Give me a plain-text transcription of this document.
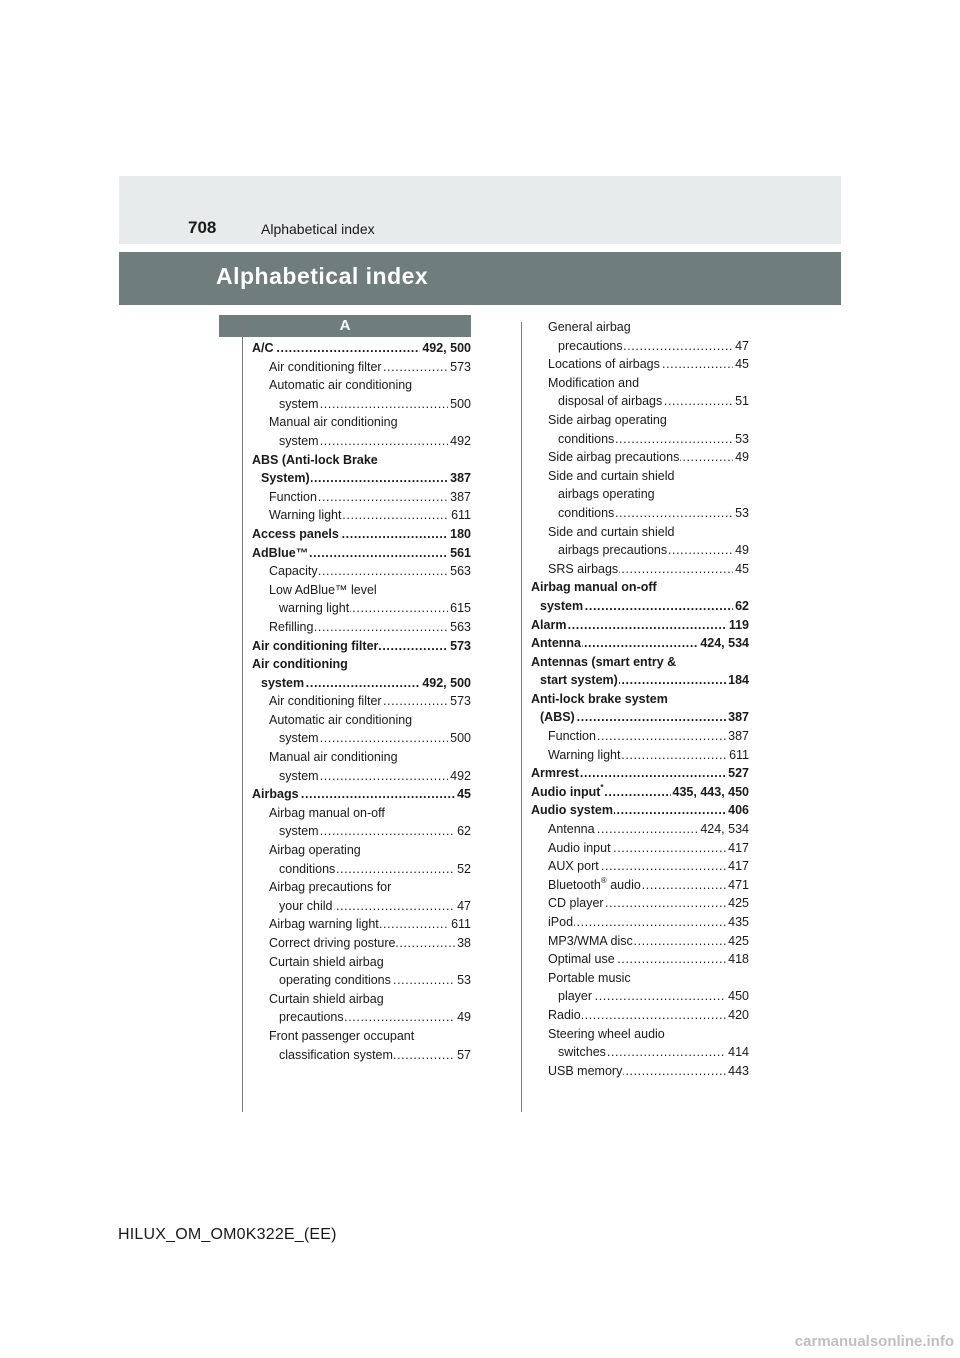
708	Alphabetical index
Alphabetical index
A
..... A/C	492, 500
..... Air conditioning filter	573
Automatic air conditioning
..... system	500
Manual air conditioning
..... system	492
ABS (Anti-lock Brake
..... System)	387
..... Function	387
..... Warning light	611
..... Access panels	180
..... AdBlue™	561
..... Capacity	563
Low AdBlue™ level
..... warning light	615
..... Refilling	563
..... Air conditioning filter	573
Air conditioning
..... system	492, 500
..... Air conditioning filter	573
Automatic air conditioning
..... system	500
Manual air conditioning
..... system	492
..... Airbags	45
Airbag manual on-off
..... system	62
Airbag operating
..... conditions	52
Airbag precautions for
..... your child	47
..... Airbag warning light	611
..... Correct driving posture	38
Curtain shield airbag
..... operating conditions	53
Curtain shield airbag
..... precautions	49
Front passenger occupant
..... classification system	57
General airbag
..... precautions	47
..... Locations of airbags	45
Modification and
..... disposal of airbags	51
Side airbag operating
..... conditions	53
..... Side airbag precautions	49
Side and curtain shield
airbags operating
..... conditions	53
Side and curtain shield
..... airbags precautions	49
..... SRS airbags	45
Airbag manual on-off
..... system	62
..... Alarm	119
..... Antenna	424, 534
Antennas (smart entry &
..... start system)	184
Anti-lock brake system
..... (ABS)	387
..... Function	387
..... Warning light	611
..... Armrest	527
..... Audio input*	435, 443, 450
..... Audio system	406
..... Antenna	424, 534
..... Audio input	417
..... AUX port	417
..... Bluetooth® audio	471
..... CD player	425
..... iPod	435
..... MP3/WMA disc	425
..... Optimal use	418
Portable music
..... player	450
..... Radio	420
Steering wheel audio
..... switches	414
..... USB memory	443
HILUX_OM_OM0K322E_(EE)
carmanualsonline.info
